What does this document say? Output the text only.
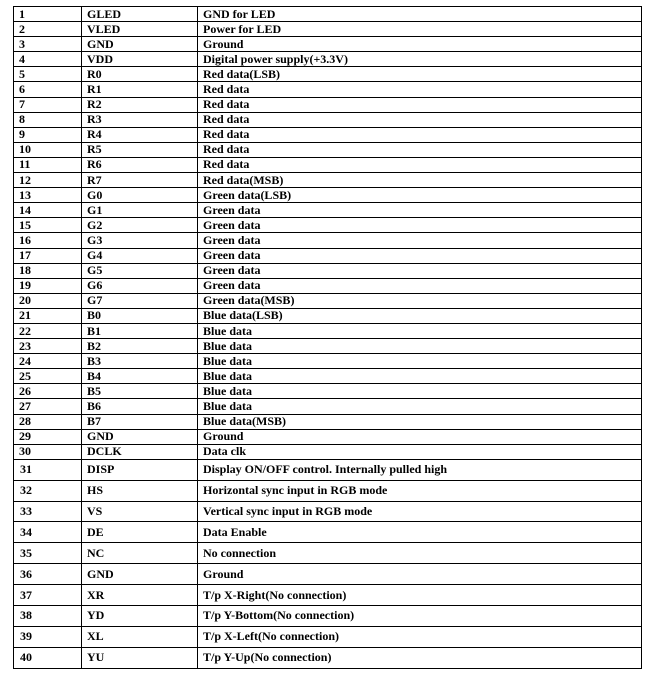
1	GLED	GND for LED
2	VLED	Power for LED
3	GND	Ground
4	VDD	Digital power supply(+3.3V)
5	R0	Red data(LSB)
6	R1	Red data
7	R2	Red data
8	R3	Red data
9	R4	Red data
10	R5	Red data
11	R6	Red data
12	R7	Red data(MSB)
13	G0	Green data(LSB)
14	G1	Green data
15	G2	Green data
16	G3	Green data
17	G4	Green data
18	G5	Green data
19	G6	Green data
20	G7	Green data(MSB)
21	B0	Blue data(LSB)
22	B1	Blue data
23	B2	Blue data
24	B3	Blue data
25	B4	Blue data
26	B5	Blue data
27	B6	Blue data
28	B7	Blue data(MSB)
29	GND	Ground
30	DCLK	Data clk
31	DISP	Display ON/OFF control. Internally pulled high
32	HS	Horizontal sync input in RGB mode
33	VS	Vertical sync input in RGB mode
34	DE	Data Enable
35	NC	No connection
36	GND	Ground
37	XR	T/p X-Right(No connection)
38	YD	T/p Y-Bottom(No connection)
39	XL	T/p X-Left(No connection)
40	YU	T/p Y-Up(No connection)
